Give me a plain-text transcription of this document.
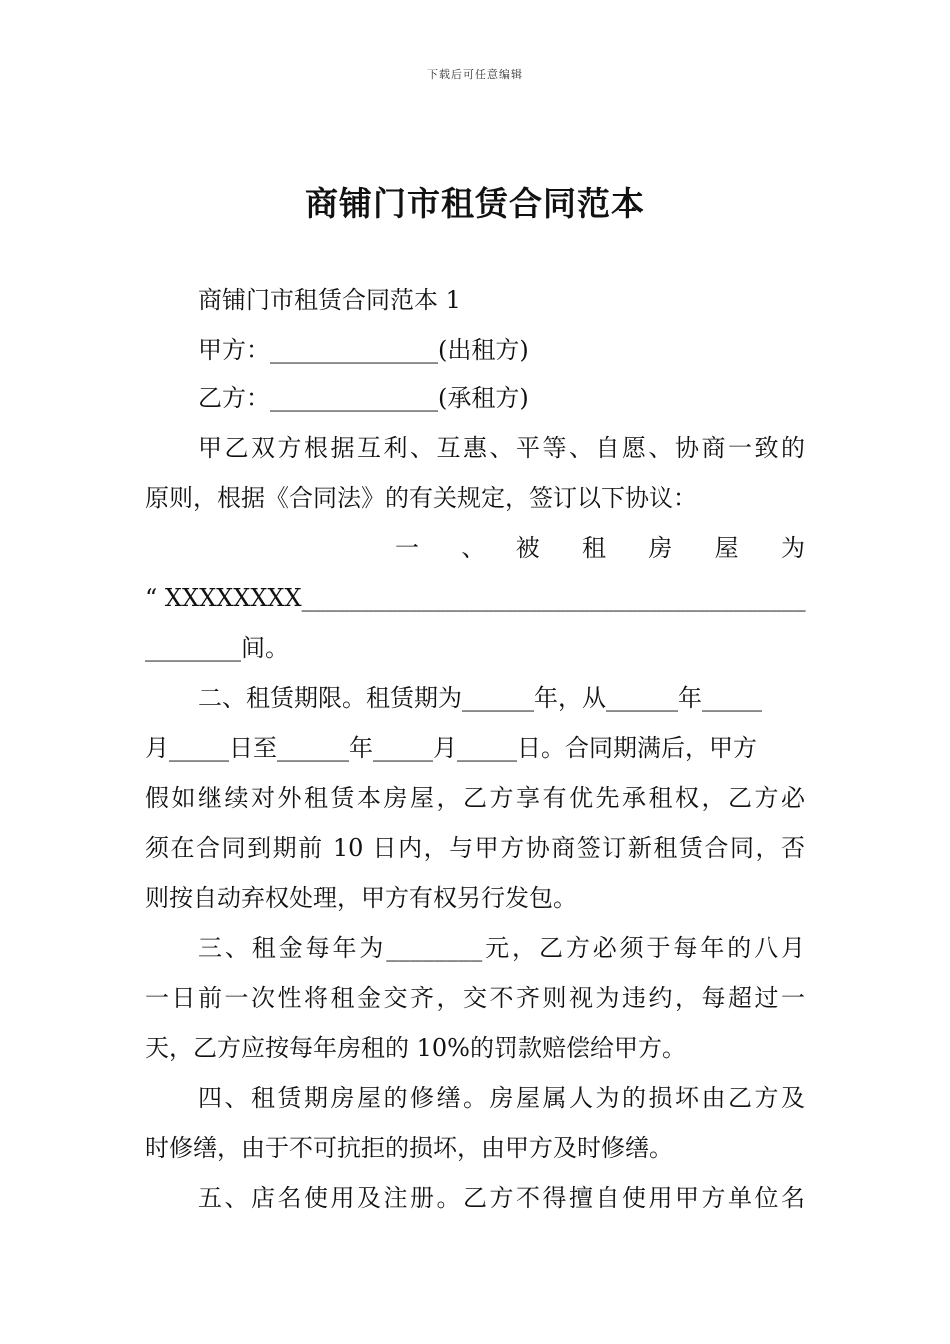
下载后可任意编辑
商铺门市租赁合同范本
商铺门市租赁合同范本 1
甲方：______________(出租方)
乙方：______________(承租方)
甲乙双方根据互利、互惠、平等、自愿、协商一致的
原则，根据《合同法》的有关规定，签订以下协议：
一　、　被　租　房　屋　为
“ XXXXXXXX__________________________________________
________间。
二、租赁期限。租赁期为______年，从______年_____
月_____日至______年_____月_____日。合同期满后，甲方
假如继续对外租赁本房屋，乙方享有优先承租权，乙方必
须在合同到期前 10 日内，与甲方协商签订新租赁合同，否
则按自动弃权处理，甲方有权另行发包。
三、租金每年为________元，乙方必须于每年的八月
一日前一次性将租金交齐，交不齐则视为违约，每超过一
天，乙方应按每年房租的 10%的罚款赔偿给甲方。
四、租赁期房屋的修缮。房屋属人为的损坏由乙方及
时修缮，由于不可抗拒的损坏，由甲方及时修缮。
五、店名使用及注册。乙方不得擅自使用甲方单位名
